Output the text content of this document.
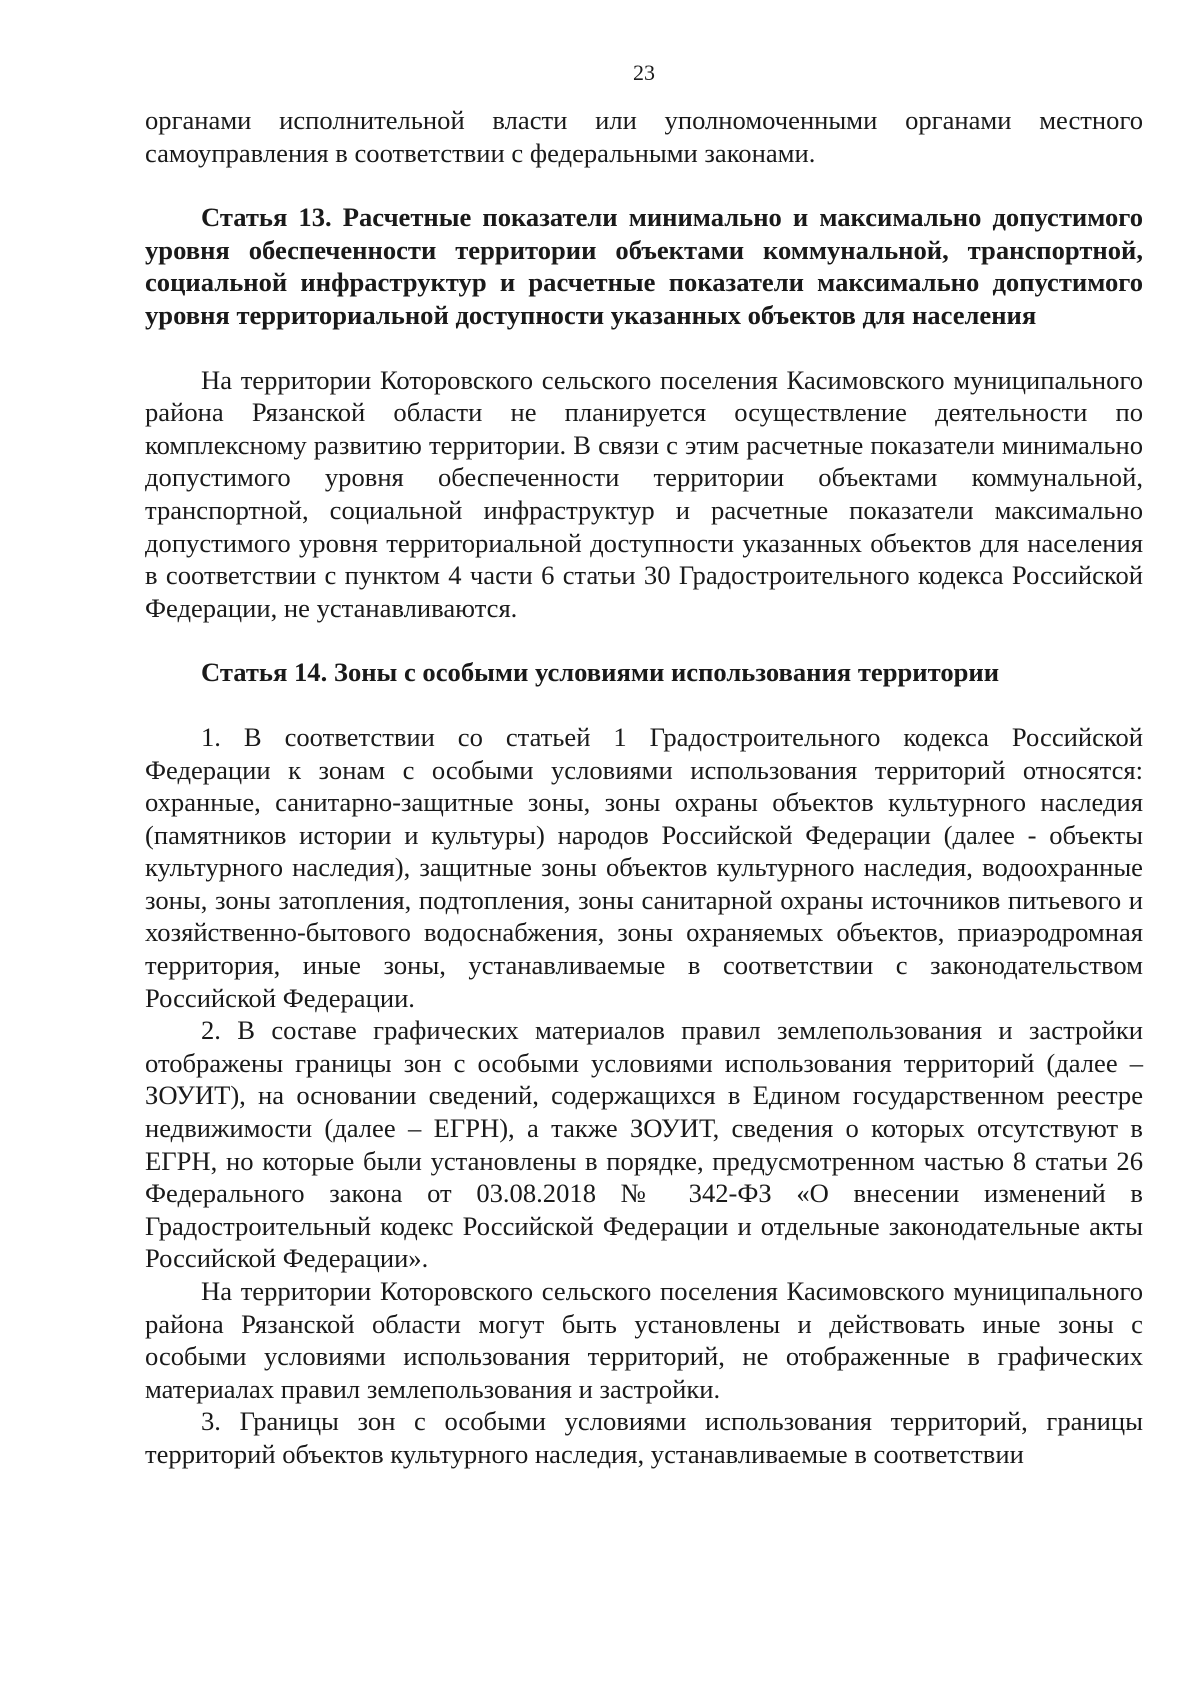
23

органами исполнительной власти или уполномоченными органами местного самоуправления в соответствии с федеральными законами.

Статья 13. Расчетные показатели минимально и максимально допустимого уровня обеспеченности территории объектами коммунальной, транспортной, социальной инфраструктур и расчетные показатели максимально допустимого уровня территориальной доступности указанных объектов для населения

На территории Которовского сельского поселения Касимовского муниципального района Рязанской области не планируется осуществление деятельности по комплексному развитию территории. В связи с этим расчетные показатели минимально допустимого уровня обеспеченности территории объектами коммунальной, транспортной, социальной инфраструктур и расчетные показатели максимально допустимого уровня территориальной доступности указанных объектов для населения в соответствии с пунктом 4 части 6 статьи 30 Градостроительного кодекса Российской Федерации, не устанавливаются.

Статья 14. Зоны с особыми условиями использования территории

1. В соответствии со статьей 1 Градостроительного кодекса Российской Федерации к зонам с особыми условиями использования территорий относятся: охранные, санитарно-защитные зоны, зоны охраны объектов культурного наследия (памятников истории и культуры) народов Российской Федерации (далее - объекты культурного наследия), защитные зоны объектов культурного наследия, водоохранные зоны, зоны затопления, подтопления, зоны санитарной охраны источников питьевого и хозяйственно-бытового водоснабжения, зоны охраняемых объектов, приаэродромная территория, иные зоны, устанавливаемые в соответствии с законодательством Российской Федерации.

2. В составе графических материалов правил землепользования и застройки отображены границы зон с особыми условиями использования территорий (далее – ЗОУИТ), на основании сведений, содержащихся в Едином государственном реестре недвижимости (далее – ЕГРН), а также ЗОУИТ, сведения о которых отсутствуют в ЕГРН, но которые были установлены в порядке, предусмотренном частью 8 статьи 26 Федерального закона от 03.08.2018 № 342-ФЗ «О внесении изменений в Градостроительный кодекс Российской Федерации и отдельные законодательные акты Российской Федерации».

На территории Которовского сельского поселения Касимовского муниципального района Рязанской области могут быть установлены и действовать иные зоны с особыми условиями использования территорий, не отображенные в графических материалах правил землепользования и застройки.

3. Границы зон с особыми условиями использования территорий, границы территорий объектов культурного наследия, устанавливаемые в соответствии
